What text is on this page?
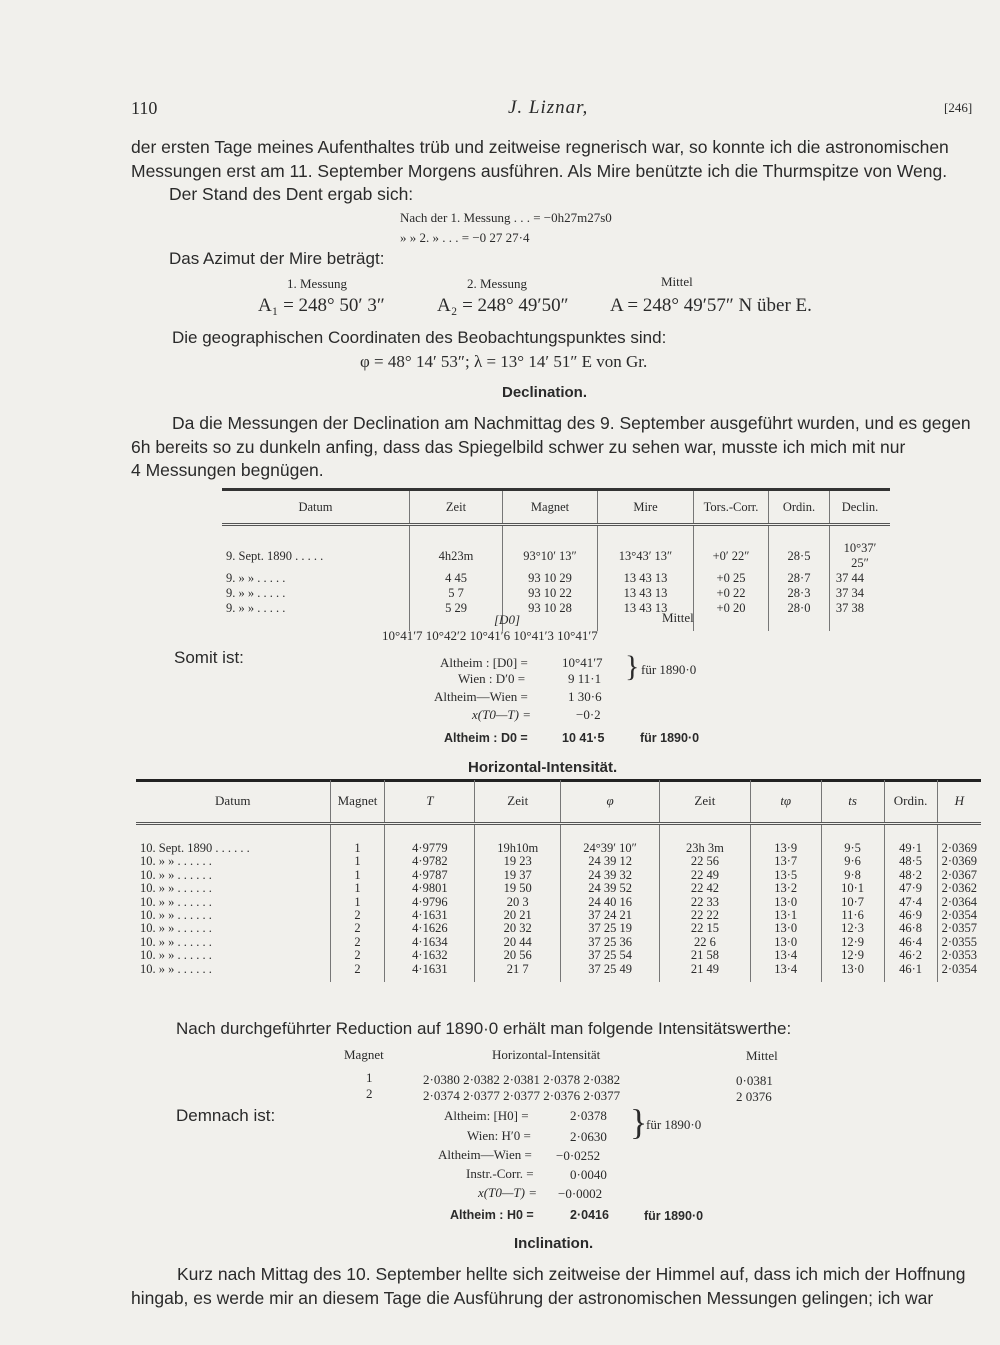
110	J. Liznar,	[246]
der ersten Tage meines Aufenthaltes trüb und zeitweise regnerisch war, so konnte ich die astronomischen
Messungen erst am 11. September Morgens ausführen. Als Mire benützte ich die Thurmspitze von Weng.
Der Stand des Dent ergab sich:
Nach der 1. Messung . . . = −0h27m27s0
» » 2. » . . . = −0 27 27·4
Das Azimut der Mire beträgt:
1. Messung	2. Messung	Mittel
A₁ = 248° 50′ 3″	A₂ = 248° 49′50″ A = 248° 49′57″ N über E.
Die geographischen Coordinaten des Beobachtungspunktes sind:
φ = 48° 14′ 53″; λ = 13° 14′ 51″ E von Gr.
Declination.
Da die Messungen der Declination am Nachmittag des 9. September ausgeführt wurden, und es gegen
6h bereits so zu dunkeln anfing, dass das Spiegelbild schwer zu sehen war, musste ich mich mit nur
4 Messungen begnügen.
Datum	Zeit	Magnet	Mire	Tors.-Corr.	Ordin.	Declin.

9. Sept. 1890 . . . . .	4h23m	93°10′ 13″	13°43′ 13″	+0′ 22″	28·5	10°37′ 25″
9. » » . . . . .	4 45	93 10 29	13 43 13	+0 25	28·7	37 44
9. » » . . . . .	5 7	93 10 22	13 43 13	+0 22	28·3	37 34
9. » » . . . . .	5 29	93 10 28	13 43 13	+0 20	28·0	37 38

[D0]	Mittel
10°41′7 10°42′2 10°41′6 10°41′3 10°41′7
Somit ist:	Altheim : [D0] =	10°41′7
Wien : D′0 =	9 11·1 } für 1890·0
Altheim—Wien =	1 30·6
x(T0—T) =	−0·2
Altheim : D0 =	10 41·5	für 1890·0
Horizontal-Intensität.
Datum	Magnet	T	Zeit	φ	Zeit	tφ	ts	Ordin.	H

10. Sept. 1890 . . . . . .	1	4·9779	19h10m	24°39′ 10″	23h 3m	13·9	9·5	49·1	2·0369
10. » » . . . . . .	1	4·9782	19 23	24 39 12	22 56	13·7	9·6	48·5	2·0369
10. » » . . . . . .	1	4·9787	19 37	24 39 32	22 49	13·5	9·8	48·2	2·0367
10. » » . . . . . .	1	4·9801	19 50	24 39 52	22 42	13·2	10·1	47·9	2·0362
10. » » . . . . . .	1	4·9796	20 3	24 40 16	22 33	13·0	10·7	47·4	2·0364
10. » » . . . . . .	2	4·1631	20 21	37 24 21	22 22	13·1	11·6	46·9	2·0354
10. » » . . . . . .	2	4·1626	20 32	37 25 19	22 15	13·0	12·3	46·8	2·0357
10. » » . . . . . .	2	4·1634	20 44	37 25 36	22 6	13·0	12·9	46·4	2·0355
10. » » . . . . . .	2	4·1632	20 56	37 25 54	21 58	13·4	12·9	46·2	2·0353
10. » » . . . . . .	2	4·1631	21 7	37 25 49	21 49	13·4	13·0	46·1	2·0354

Nach durchgeführter Reduction auf 1890·0 erhält man folgende Intensitätswerthe:
Magnet	Horizontal-Intensität	Mittel
1	2·0380 2·0382 2·0381 2·0378 2·0382	0·0381
2	2·0374 2·0377 2·0377 2·0376 2·0377	2 0376
Demnach ist:	Altheim: [H0] =	2·0378
Wien: H′0 =	2·0630 }
für 1890·0
Altheim—Wien = −0·0252
Instr.-Corr. =	0·0040
x(T0—T) = −0·0002
Altheim : H0 =	2·0416	für 1890·0
Inclination.
Kurz nach Mittag des 10. September hellte sich zeitweise der Himmel auf, dass ich mich der Hoffnung
hingab, es werde mir an diesem Tage die Ausführung der astronomischen Messungen gelingen; ich war
